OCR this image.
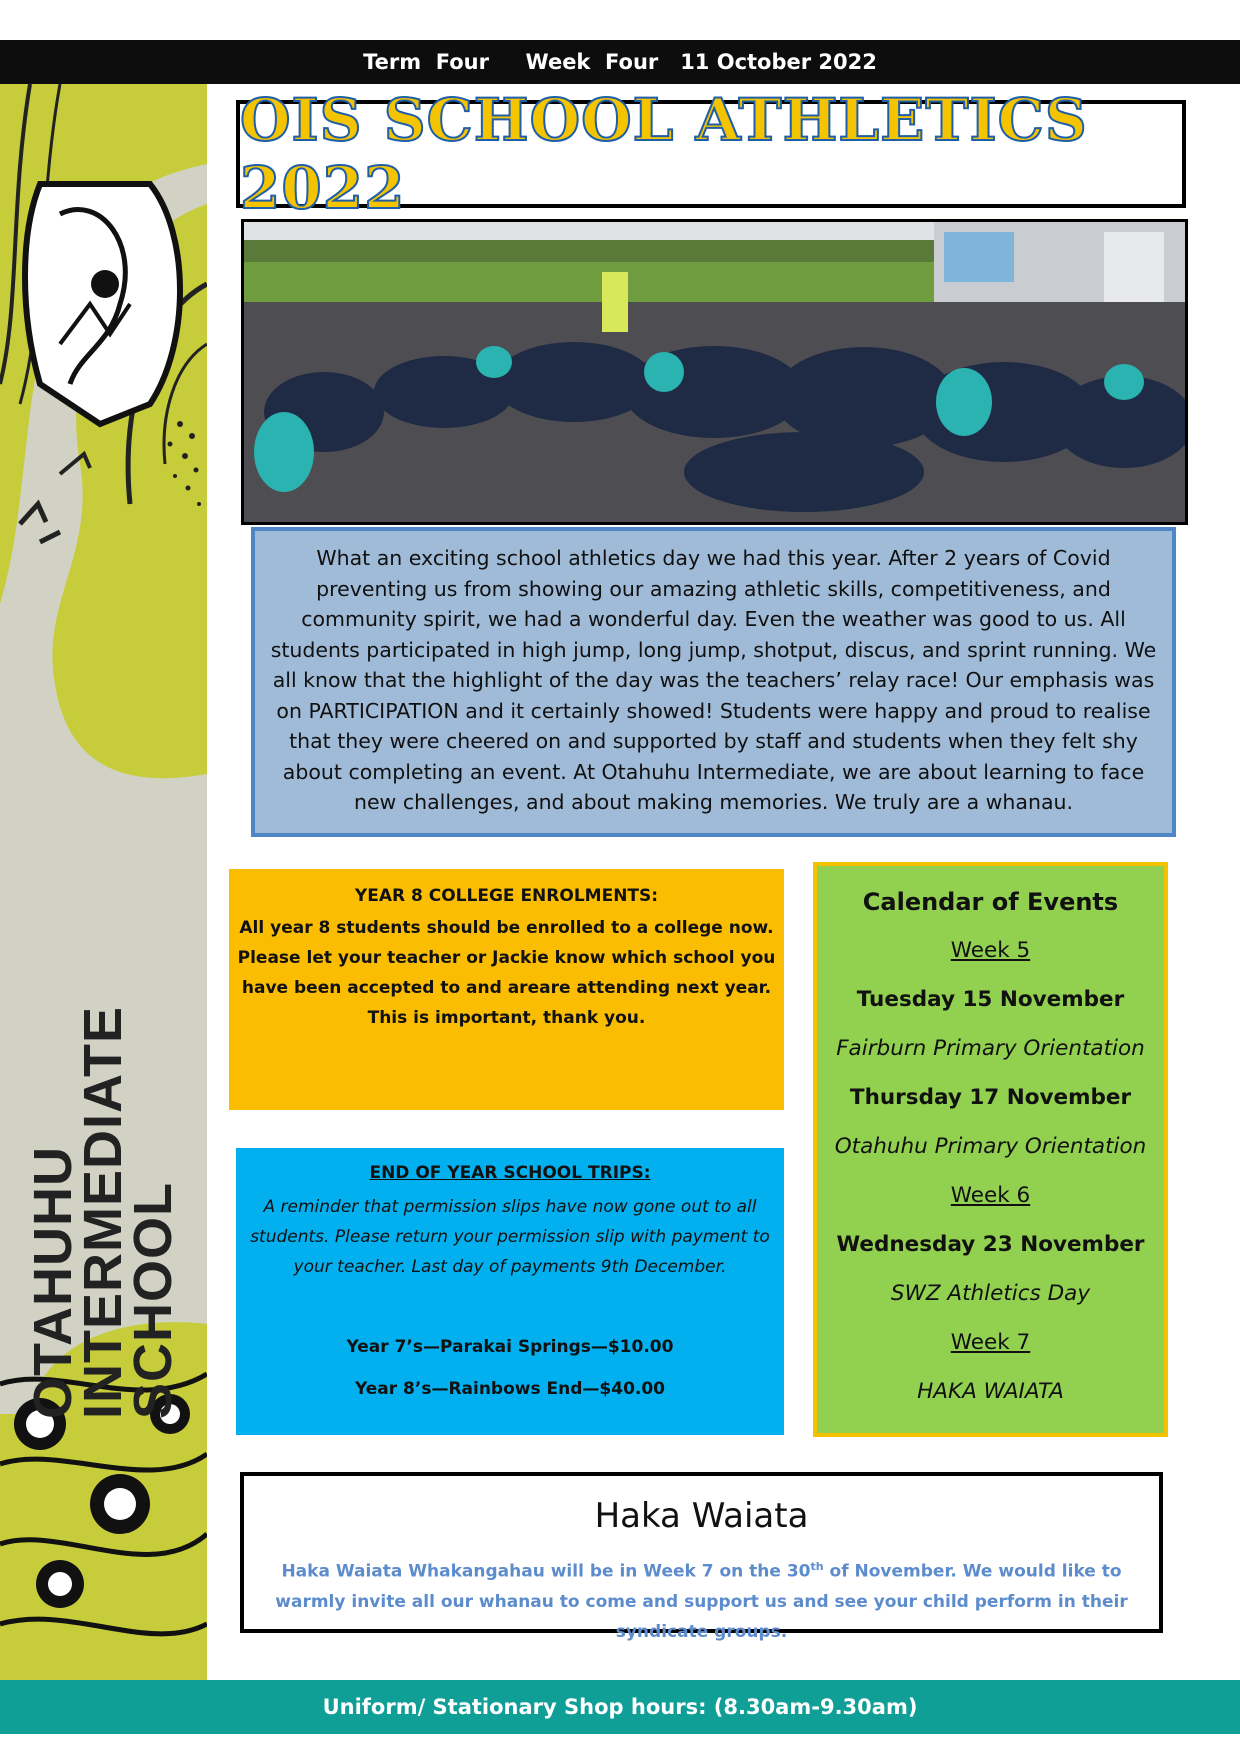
Term  Four
Week  Four
11 October 2022
OTAHUHU
INTERMEDIATE
SCHOOL
OIS SCHOOL ATHLETICS 2022
What an exciting school athletics day we had this year. After 2 years of Covid preventing us from showing our amazing athletic skills, competitiveness, and community spirit, we had a wonderful day. Even the weather was good to us. All students participated in high jump, long jump, shotput, discus, and sprint running. We all know that the highlight of the day was the teachers’ relay race! Our emphasis was on PARTICIPATION and it certainly showed! Students were happy and proud to realise that they were cheered on and supported by staff and students when they felt shy about completing an event. At Otahuhu Intermediate, we are about learning to face new challenges, and about making memories. We truly are a whanau.
YEAR 8 COLLEGE ENROLMENTS:
All year 8 students should be enrolled to a college now. Please let your teacher or Jackie know which school you have been accepted to and areare attending next year. This is important, thank you.
END OF YEAR SCHOOL TRIPS:
A reminder that permission slips have now gone out to all students. Please return your permission slip with payment to your teacher. Last day of payments 9th December.
Year 7’s—Parakai Springs—$10.00
Year 8’s—Rainbows End—$40.00
Calendar of Events
Week 5
Tuesday 15 November
Fairburn Primary Orientation
Thursday 17 November
Otahuhu Primary Orientation
Week 6
Wednesday 23 November
SWZ Athletics Day
Week 7
HAKA WAIATA
Haka Waiata
Haka Waiata Whakangahau will be in Week 7 on the 30th of November. We would like to warmly invite all our whanau to come and support us and see your child perform in their syndicate groups.
Uniform/ Stationary Shop hours: (8.30am-9.30am)
